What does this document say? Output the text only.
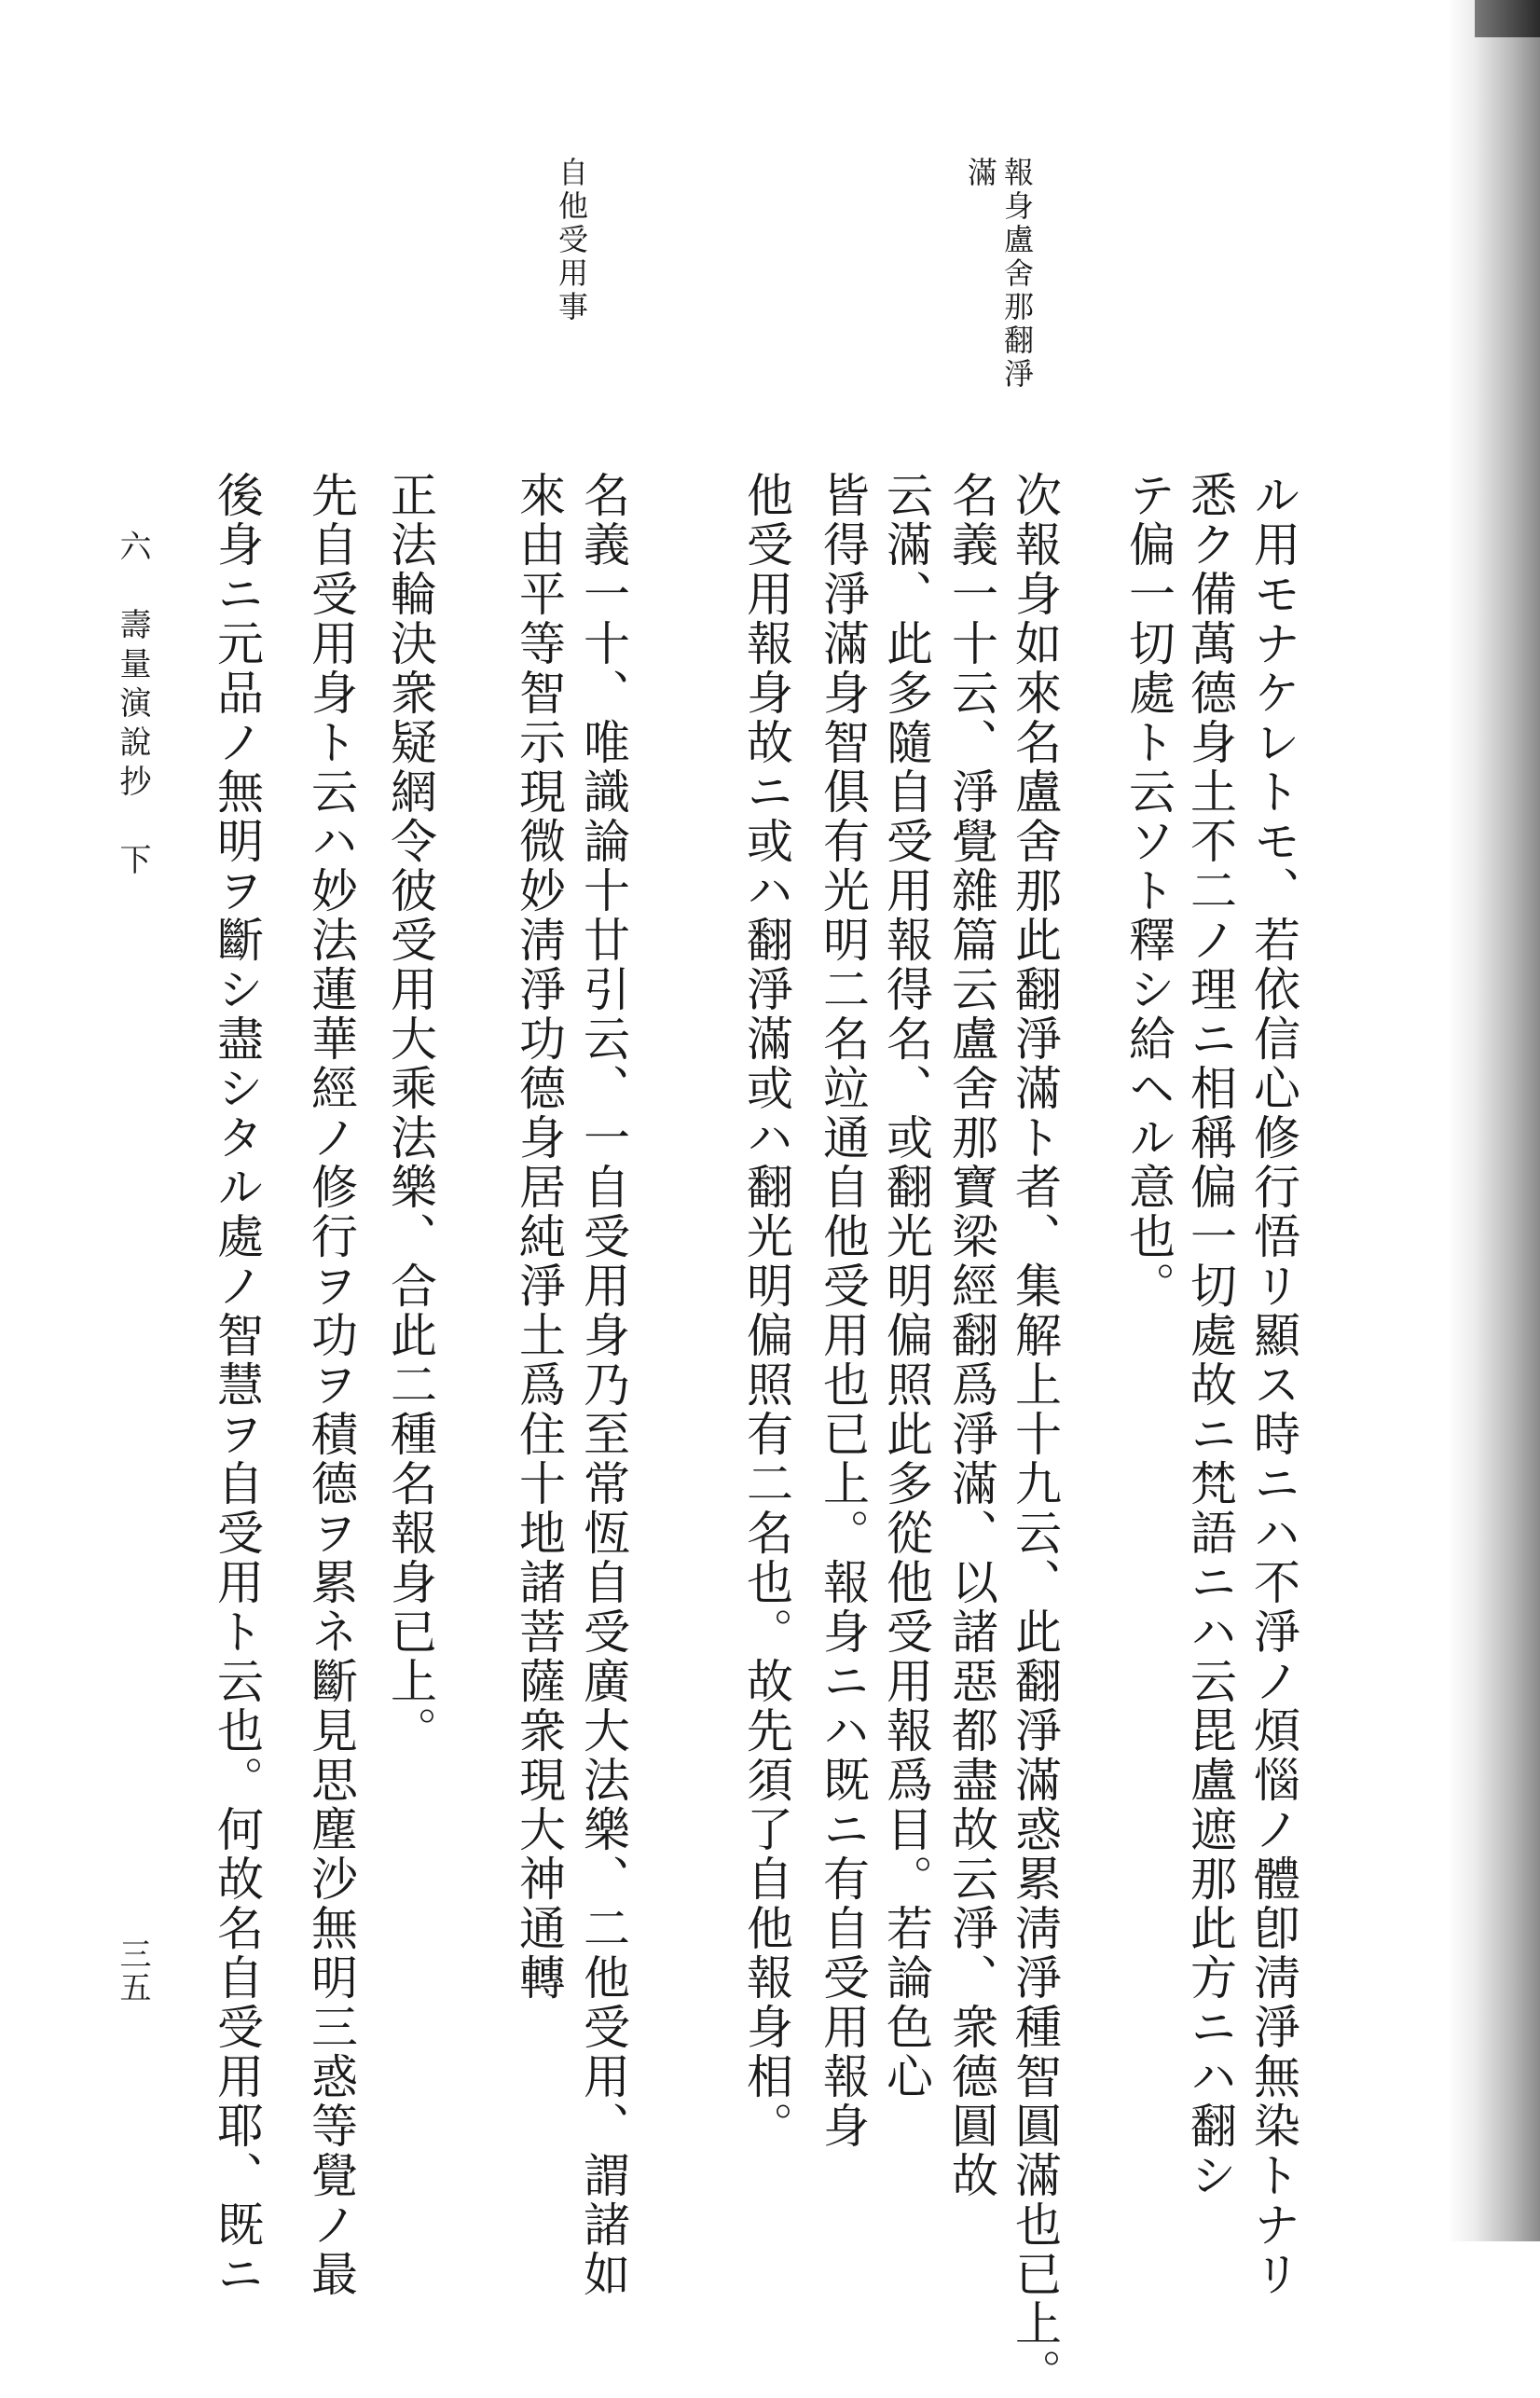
報身盧舍那翻淨
滿
自他受用事
ル用モナケレトモ、若依信心修行悟リ顯ス時ニハ不淨ノ煩惱ノ體卽淸淨無染トナリ
悉ク備萬德身土不二ノ理ニ相稱偏一切處故ニ梵語ニハ云毘盧遮那此方ニハ翻シ
テ偏一切處ト云ソト釋シ給ヘル意也。
次報身如來名盧舍那此翻淨滿ト者、集解上十九云、此翻淨滿惑累淸淨種智圓滿也已上。
名義一十云、淨覺雜篇云盧舍那寶梁經翻爲淨滿、以諸惡都盡故云淨、衆德圓故
云滿、此多隨自受用報得名、或翻光明偏照此多從他受用報爲目。若論色心
皆得淨滿身智俱有光明二名竝通自他受用也已上。報身ニハ既ニ有自受用報身
他受用報身故ニ或ハ翻淨滿或ハ翻光明偏照有二名也。故先須了自他報身相。
名義一十、唯識論十廿引云、一自受用身乃至常恆自受廣大法樂、二他受用、謂諸如
來由平等智示現微妙淸淨功德身居純淨土爲住十地諸菩薩衆現大神通轉
正法輪決衆疑網令彼受用大乘法樂、合此二種名報身已上。
先自受用身ト云ハ妙法蓮華經ノ修行ヲ功ヲ積德ヲ累ネ斷見思塵沙無明三惑等覺ノ最
後身ニ元品ノ無明ヲ斷シ盡シタル處ノ智慧ヲ自受用ト云也。何故名自受用耶、既ニ
六　壽量演說抄　下
三五
